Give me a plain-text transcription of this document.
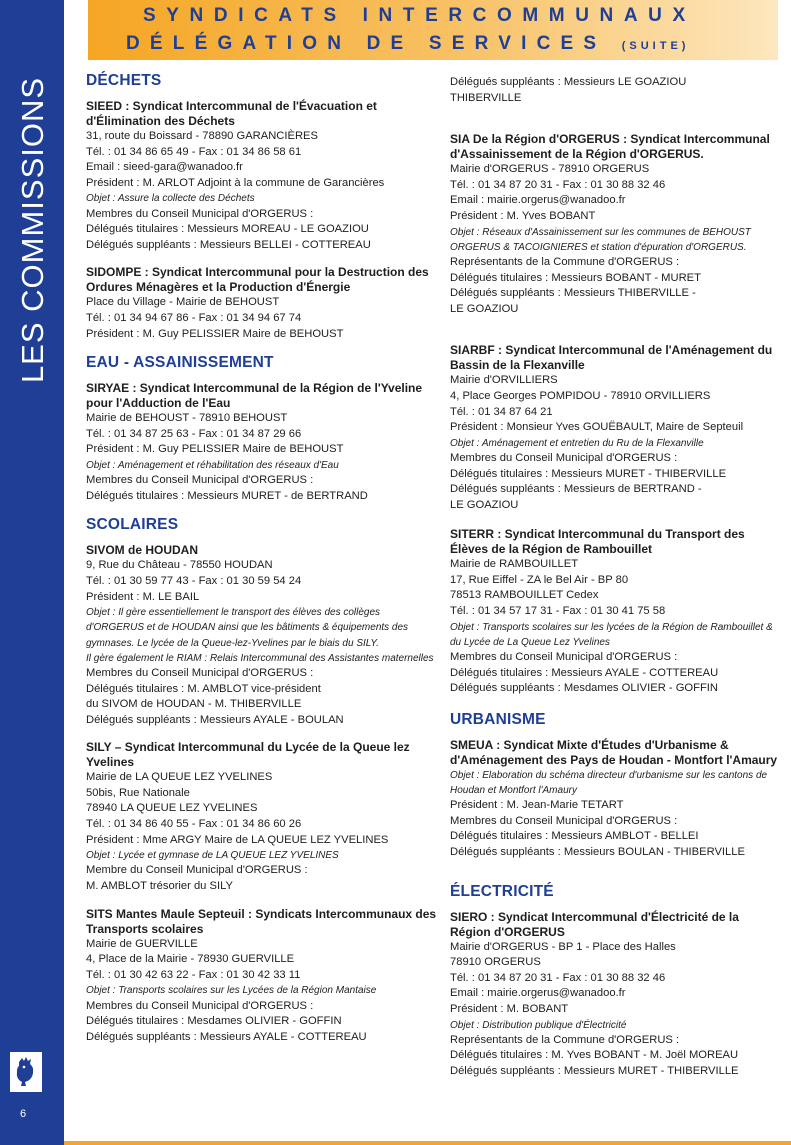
LES COMMISSIONS
6
SYNDICATS INTERCOMMUNAUX
DÉLÉGATION DE SERVICES (SUITE)
DÉCHETS
SIEED : Syndicat Intercommunal de l'Évacuation et d'Élimination des Déchets
31, route du Boissard - 78890 GARANCIÈRES
Tél. : 01 34 86 65 49 - Fax : 01 34 86 58 61
Email : sieed-gara@wanadoo.fr
Président : M. ARLOT Adjoint à la commune de Garancières
Objet : Assure la collecte des Déchets
Membres du Conseil Municipal d'ORGERUS :
Délégués titulaires : Messieurs MOREAU - LE GOAZIOU
Délégués suppléants : Messieurs BELLEI - COTTEREAU
SIDOMPE : Syndicat Intercommunal pour la Destruction des Ordures Ménagères et la Production d'Énergie
Place du Village - Mairie de BEHOUST
Tél. : 01 34 94 67 86 - Fax : 01 34 94 67 74
Président : M. Guy PELISSIER Maire de BEHOUST
EAU - ASSAINISSEMENT
SIRYAE : Syndicat Intercommunal de la Région de l'Yveline pour l'Adduction de l'Eau
Mairie de BEHOUST - 78910 BEHOUST
Tél. : 01 34 87 25 63 - Fax : 01 34 87 29 66
Président : M. Guy PELISSIER Maire de BEHOUST
Objet : Aménagement et réhabilitation des réseaux d'Eau
Membres du Conseil Municipal d'ORGERUS :
Délégués titulaires : Messieurs MURET - de BERTRAND
SCOLAIRES
SIVOM de HOUDAN
9, Rue du Château - 78550 HOUDAN
Tél. : 01 30 59 77 43 - Fax : 01 30 59 54 24
Président : M. LE BAIL
Objet : Il gère essentiellement le transport des élèves des collèges d'ORGERUS et de HOUDAN ainsi que les bâtiments & équipements des gymnases. Le lycée de la Queue-lez-Yvelines par le biais du SILY.
Il gère également le RIAM : Relais Intercommunal des Assistantes maternelles
Membres du Conseil Municipal d'ORGERUS :
Délégués titulaires : M. AMBLOT vice-président
du SIVOM de HOUDAN - M. THIBERVILLE
Délégués suppléants : Messieurs AYALE - BOULAN
SILY – Syndicat Intercommunal du Lycée de la Queue lez Yvelines
Mairie de LA QUEUE LEZ YVELINES
50bis, Rue Nationale
78940 LA QUEUE LEZ YVELINES
Tél. : 01 34 86 40 55 - Fax : 01 34 86 60 26
Président : Mme ARGY Maire de LA QUEUE LEZ YVELINES
Objet : Lycée et gymnase de LA QUEUE LEZ YVELINES
Membre du Conseil Municipal d'ORGERUS :
M. AMBLOT trésorier du SILY
SITS Mantes Maule Septeuil : Syndicats Intercommunaux des Transports scolaires
Mairie de GUERVILLE
4, Place de la Mairie - 78930 GUERVILLE
Tél. : 01 30 42 63 22 - Fax : 01 30 42 33 11
Objet : Transports scolaires sur les Lycées de la Région Mantaise
Membres du Conseil Municipal d'ORGERUS :
Délégués titulaires : Mesdames OLIVIER - GOFFIN
Délégués suppléants : Messieurs AYALE - COTTEREAU
Délégués suppléants : Messieurs LE GOAZIOU
THIBERVILLE
SIA De la Région d'ORGERUS : Syndicat Intercommunal d'Assainissement de la Région d'ORGERUS.
Mairie d'ORGERUS - 78910 ORGERUS
Tél. : 01 34 87 20 31 - Fax : 01 30 88 32 46
Email : mairie.orgerus@wanadoo.fr
Président : M. Yves BOBANT
Objet : Réseaux d'Assainissement sur les communes de BEHOUST ORGERUS & TACOIGNIERES et station d'épuration d'ORGERUS.
Représentants de la Commune d'ORGERUS :
Délégués titulaires : Messieurs BOBANT - MURET
Délégués suppléants : Messieurs THIBERVILLE -
LE GOAZIOU
SIARBF : Syndicat Intercommunal de l'Aménagement du Bassin de la Flexanville
Mairie d'ORVILLIERS
4, Place Georges POMPIDOU - 78910 ORVILLIERS
Tél. : 01 34 87 64 21
Président : Monsieur Yves GOUËBAULT, Maire de Septeuil
Objet : Aménagement et entretien du Ru de la Flexanville
Membres du Conseil Municipal d'ORGERUS :
Délégués titulaires : Messieurs MURET - THIBERVILLE
Délégués suppléants : Messieurs de BERTRAND -
LE GOAZIOU
SITERR : Syndicat Intercommunal du Transport des Élèves de la Région de Rambouillet
Mairie de RAMBOUILLET
17, Rue Eiffel - ZA le Bel Air - BP 80
78513 RAMBOUILLET Cedex
Tél. : 01 34 57 17 31 - Fax : 01 30 41 75 58
Objet : Transports scolaires sur les lycées de la Région de Rambouillet & du Lycée de La Queue Lez Yvelines
Membres du Conseil Municipal d'ORGERUS :
Délégués titulaires : Messieurs AYALE - COTTEREAU
Délégués suppléants : Mesdames OLIVIER - GOFFIN
URBANISME
SMEUA : Syndicat Mixte d'Études d'Urbanisme & d'Aménagement des Pays de Houdan - Montfort l'Amaury
Objet : Elaboration du schéma directeur d'urbanisme sur les cantons de Houdan et Montfort l'Amaury
Président : M. Jean-Marie TETART
Membres du Conseil Municipal d'ORGERUS :
Délégués titulaires : Messieurs AMBLOT - BELLEI
Délégués suppléants : Messieurs BOULAN - THIBERVILLE
ÉLECTRICITÉ
SIERO : Syndicat Intercommunal d'Électricité de la Région d'ORGERUS
Mairie d'ORGERUS - BP 1 - Place des Halles
78910 ORGERUS
Tél. : 01 34 87 20 31 - Fax : 01 30 88 32 46
Email : mairie.orgerus@wanadoo.fr
Président : M. BOBANT
Objet : Distribution publique d'Électricité
Représentants de la Commune d'ORGERUS :
Délégués titulaires : M. Yves BOBANT - M. Joël MOREAU
Délégués suppléants : Messieurs MURET - THIBERVILLE
